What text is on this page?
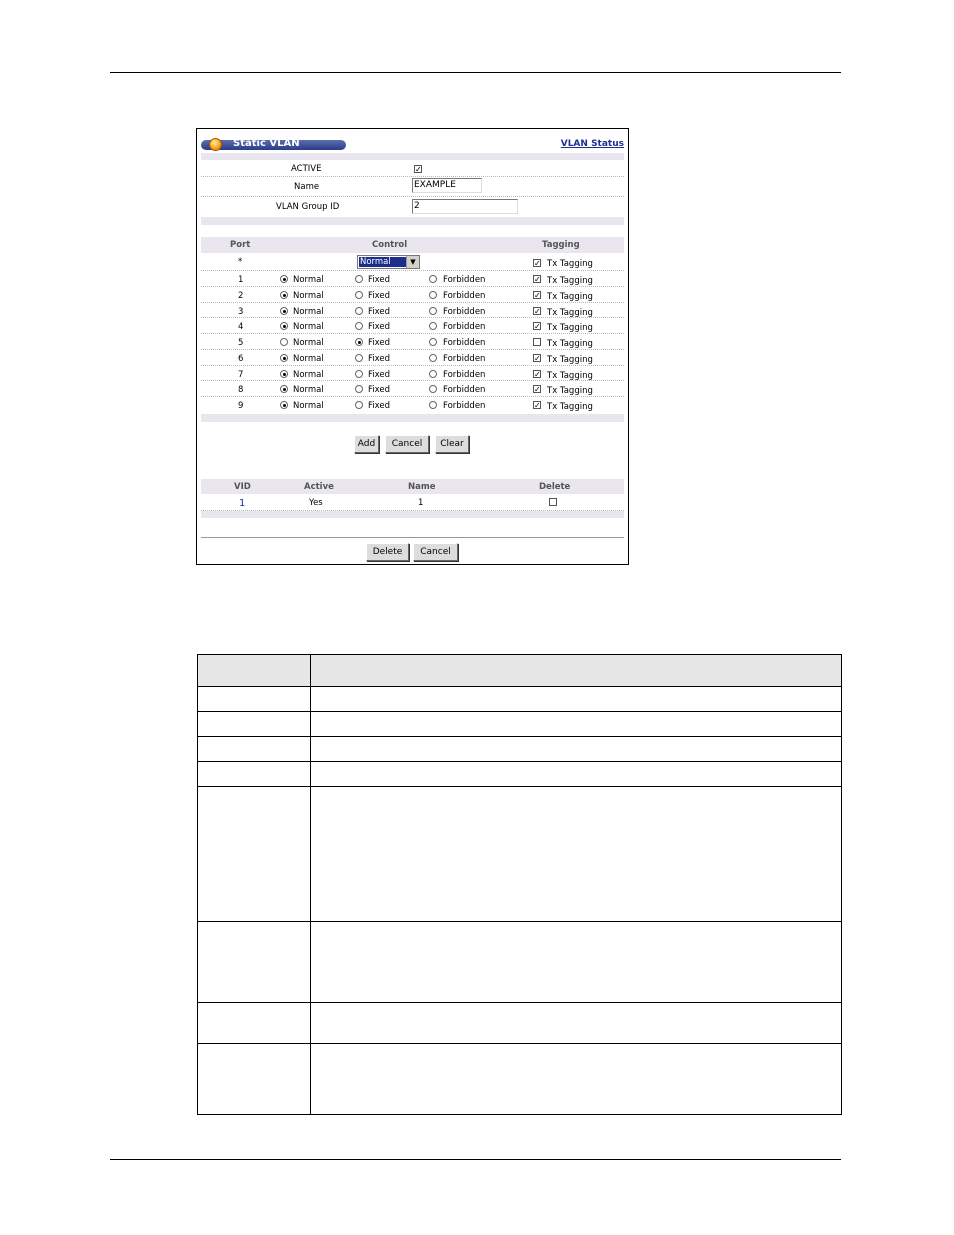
Static VLAN	VLAN Status
ACTIVE	✓
Name	EXAMPLE
VLAN Group ID	2
Port	Control	Tagging
*	Normal	▼	✓ Tx Tagging
1	Normal	Fixed	Forbidden	✓ Tx Tagging
2	Normal	Fixed	Forbidden	✓ Tx Tagging
3	Normal	Fixed	Forbidden	✓ Tx Tagging
4	Normal	Fixed	Forbidden	✓ Tx Tagging
5	Normal	Fixed	Forbidden	Tx Tagging
6	Normal	Fixed	Forbidden	✓ Tx Tagging
7	Normal	Fixed	Forbidden	✓ Tx Tagging
8	Normal	Fixed	Forbidden	✓ Tx Tagging
9	Normal	Fixed	Forbidden	✓ Tx Tagging
Add	Cancel	Clear
VID	Active	Name	Delete
1	Yes	1
Delete	Cancel
